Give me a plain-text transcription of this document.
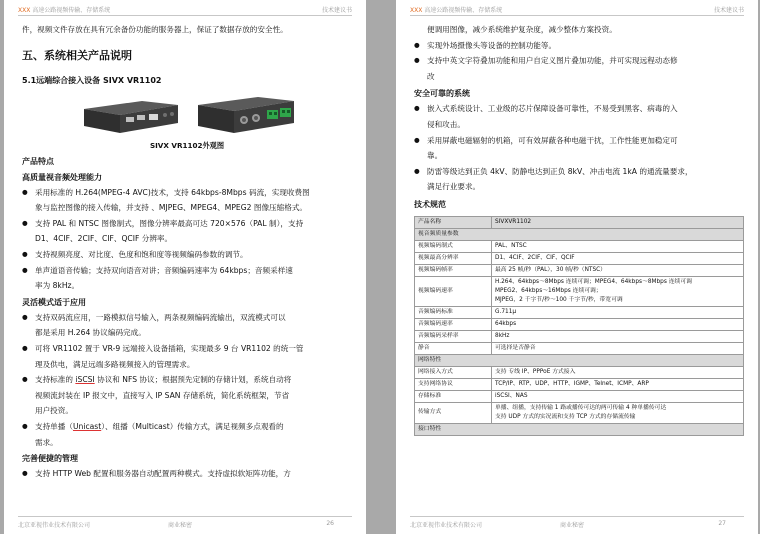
XXX 高速公路视频传输、存储系统	技术建议书

件，视频文件存放在具有冗余备份功能的服务器上，保证了数据存放的安全性。

五、系统相关产品说明
5.1远端综合接入设备 SIVX VR1102
SIVX VR1102外观图
产品特点
高质量视音频处理能力
● 采用标准的 H.264(MPEG-4 AVC)技术，支持 64kbps-8Mbps 码流，实现收费图
象与监控图像的接入传输，并支持 、MJPEG、MPEG4、MPEG2 图像压缩格式。
● 支持 PAL 和 NTSC 图像制式，图像分辨率最高可达 720×576（PAL 制），支持
D1、4CIF、2CIF、CIF、QCIF 分辨率。
● 支持视频亮度、对比度、色度和饱和度等视频编码参数的调节。
● 单声道语音传输；支持双向语音对讲；音频编码速率为 64kbps；音频采样速
率为 8kHz。
灵活模式适于应用
● 支持双码流应用，一路模拟信号输入，两条视频编码流输出，双流模式可以
都是采用 H.264 协议编码完成。
● 可将 VR1102 置于 VR-9 远端接入设备插箱，实现最多 9 台 VR1102 的统一管
理及供电，满足远端多路视频接入的管理需求。
● 支持标准的 iSCSI 协议和 NFS 协议；根据预先定制的存储计划，系统自动将
视频流封装在 IP 报文中，直接写入 IP SAN 存储系统，简化系统框架，节省
用户投资。
● 支持单播（Unicast）、组播（Multicast）传输方式，满足视频多点观看的
需求。
完善便捷的管理
● 支持 HTTP Web 配置和服务器自动配置两种模式。支持虚拟软矩阵功能，方
北京亚视伟业技术有限公司	商业秘密	26
XXX 高速公路视频传输、存储系统	技术建议书

便调用图像，减少系统维护复杂度，减少整体方案投资。

● 实现外场摄像头等设备的控制功能等。
● 支持中英文字符叠加功能和用户自定义图片叠加功能，并可实现远程动态修
改
安全可靠的系统
● 嵌入式系统设计、工业级的芯片保障设备可靠性，不易受到黑客、病毒的入
侵和攻击。
● 采用屏蔽电磁辐射的机箱，可有效屏蔽各种电磁干扰，工作性能更加稳定可
靠。
● 防雷等级达到正负 4kV、防静电达到正负 8kV、冲击电流 1kA 的通流量要求，
满足行业要求。
技术规范
产品名称	SIVXVR1102
视音频质量参数	
视频编码制式	PAL、NTSC
视频最高分辨率	D1、4CIF、2CIF、CIF、QCIF
视频编码帧率	最高 25 帧/秒（PAL），30 帧/秒（NTSC）
视频编码速率	H.264、64kbps～8Mbps 连续可调；MPEG4、64kbps～8Mbps 连续可调
MPEG2、64kbps～16Mbps 连续可调；
MJPEG，2 千字节/秒～100 千字节/秒，带宽可调
音频编码标准	G.711μ
音频编码速率	64kbps
音频编码采样率	8kHz
静音	可选择是否静音
网络特性	
网络接入方式	支持 专线 IP、PPPoE 方式接入
支持网络协议	TCP/IP、RTP、UDP、HTTP、IGMP、Telnet、ICMP、ARP
存储标准	iSCSI、NAS
传输方式	单播、组播，支持传输 1 路或播传可达的两可传输 4 种单播传可达
支持 UDP 方式的实况流和支持 TCP 方式的存储流传输
接口特性	
北京亚视伟业技术有限公司	商业秘密	27
